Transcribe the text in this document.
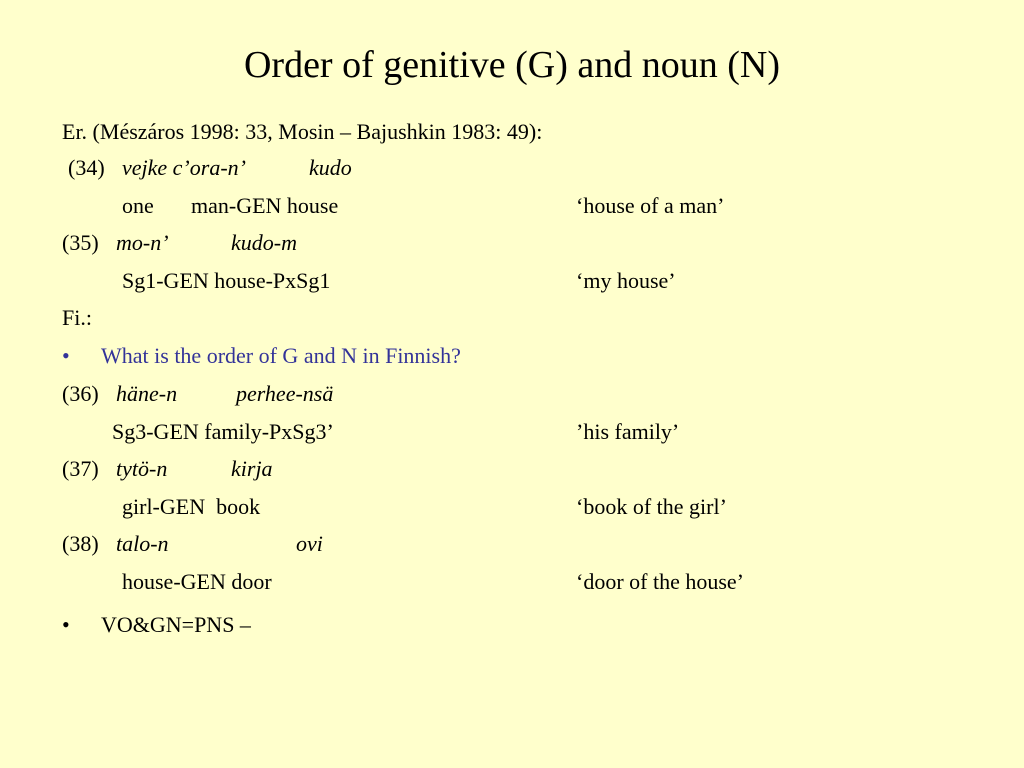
Order of genitive (G) and noun (N)
Er. (Mészáros 1998: 33, Mosin – Bajushkin 1983: 49):
(34) vejke c’ora-n’	kudo
one man-GEN house	‘house of a man’
(35) mo-n’	kudo-m
Sg1-GEN house-PxSg1	‘my house’
Fi.:
• What is the order of G and N in Finnish?
(36) häne-n	perhee-nsä
Sg3-GEN family-PxSg3’	’his family’
(37) tytö-n	kirja
girl-GEN  book	‘book of the girl’
(38) talo-n	ovi
house-GEN door	‘door of the house’
• VO&GN=PNS –
